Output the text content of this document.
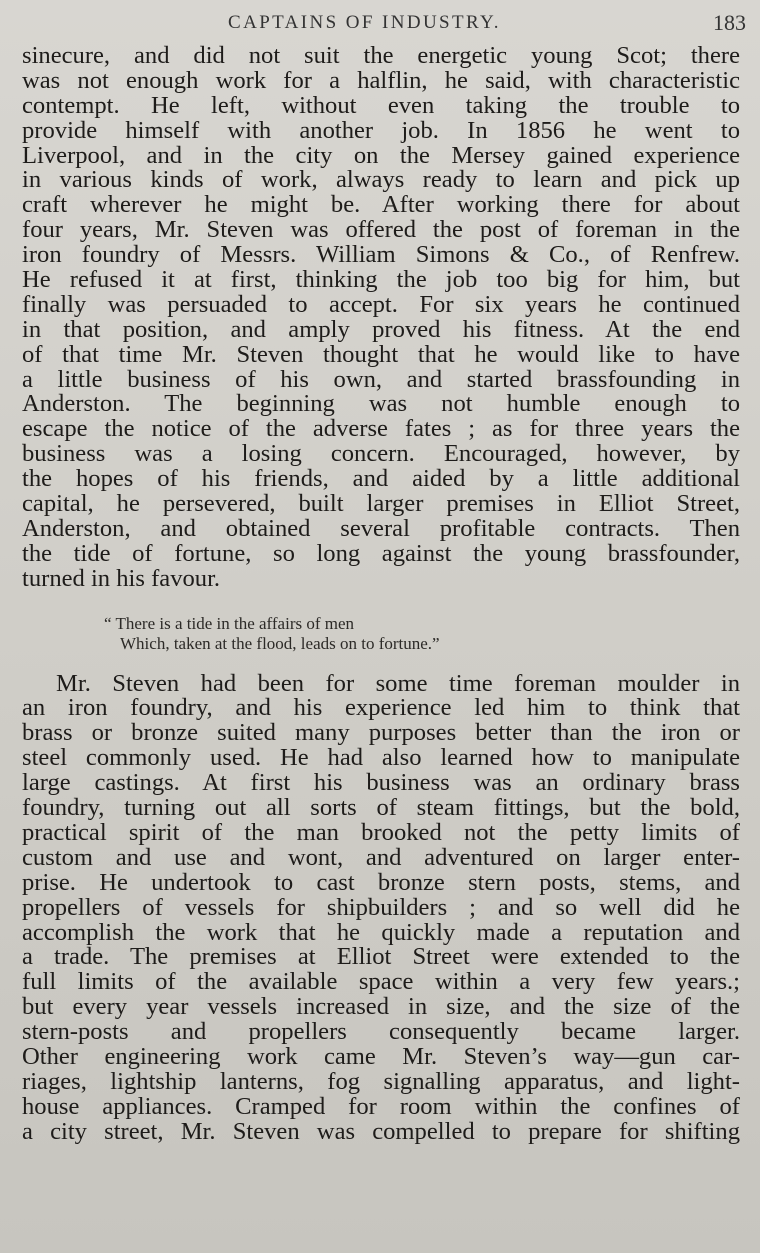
CAPTAINS OF INDUSTRY.	183
sinecure, and did not suit the energetic young Scot; there
was not enough work for a halflin, he said, with characteristic
contempt. He left, without even taking the trouble to
provide himself with another job. In 1856 he went to
Liverpool, and in the city on the Mersey gained experience
in various kinds of work, always ready to learn and pick up
craft wherever he might be. After working there for about
four years, Mr. Steven was offered the post of foreman in the
iron foundry of Messrs. William Simons & Co., of Renfrew.
He refused it at first, thinking the job too big for him, but
finally was persuaded to accept. For six years he continued
in that position, and amply proved his fitness. At the end
of that time Mr. Steven thought that he would like to have
a little business of his own, and started brassfounding in
Anderston. The beginning was not humble enough to
escape the notice of the adverse fates ; as for three years the
business was a losing concern. Encouraged, however, by
the hopes of his friends, and aided by a little additional
capital, he persevered, built larger premises in Elliot Street,
Anderston, and obtained several profitable contracts. Then
the tide of fortune, so long against the young brassfounder,
turned in his favour.
“ There is a tide in the affairs of men
Which, taken at the flood, leads on to fortune.”
Mr. Steven had been for some time foreman moulder in
an iron foundry, and his experience led him to think that
brass or bronze suited many purposes better than the iron or
steel commonly used. He had also learned how to manipulate
large castings. At first his business was an ordinary brass
foundry, turning out all sorts of steam fittings, but the bold,
practical spirit of the man brooked not the petty limits of
custom and use and wont, and adventured on larger enter-
prise. He undertook to cast bronze stern posts, stems, and
propellers of vessels for shipbuilders ; and so well did he
accomplish the work that he quickly made a reputation and
a trade. The premises at Elliot Street were extended to the
full limits of the available space within a very few years.;
but every year vessels increased in size, and the size of the
stern-posts and propellers consequently became larger.
Other engineering work came Mr. Steven’s way—gun car-
riages, lightship lanterns, fog signalling apparatus, and light-
house appliances. Cramped for room within the confines of
a city street, Mr. Steven was compelled to prepare for shifting
